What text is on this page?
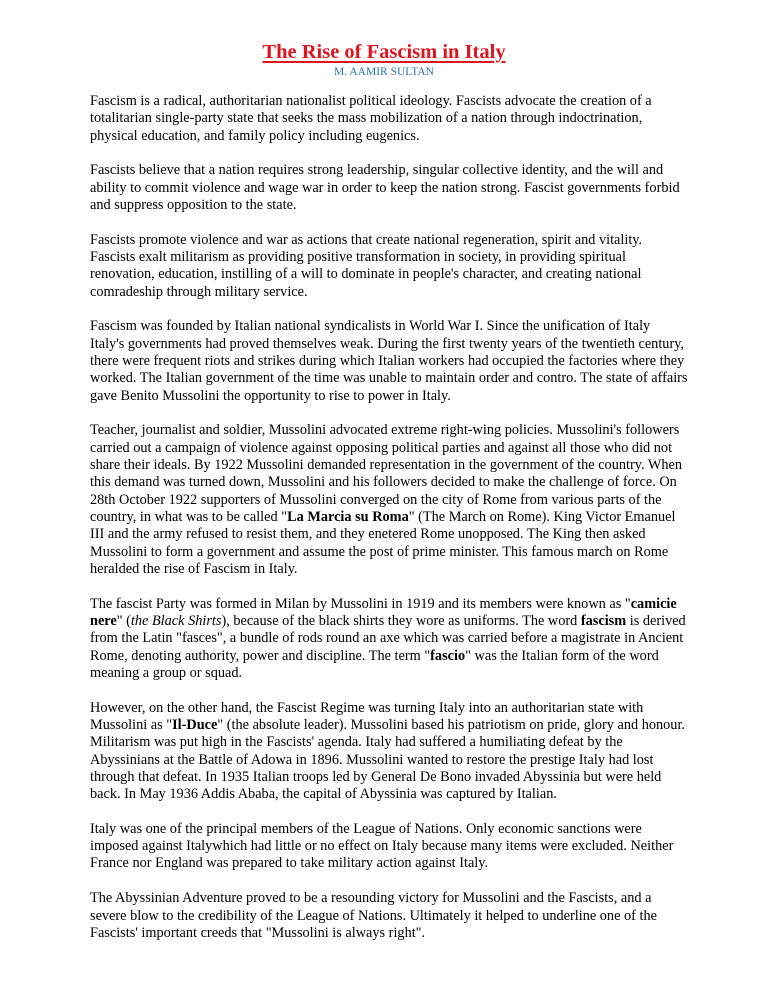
The Rise of Fascism in Italy
M. AAMIR SULTAN

Fascism is a radical, authoritarian nationalist political ideology. Fascists advocate the creation of a
totalitarian single-party state that seeks the mass mobilization of a nation through indoctrination,
physical education, and family policy including eugenics.

Fascists believe that a nation requires strong leadership, singular collective identity, and the will and
ability to commit violence and wage war in order to keep the nation strong. Fascist governments forbid
and suppress opposition to the state.

Fascists promote violence and war as actions that create national regeneration, spirit and vitality.
Fascists exalt militarism as providing positive transformation in society, in providing spiritual
renovation, education, instilling of a will to dominate in people's character, and creating national
comradeship through military service.

Fascism was founded by Italian national syndicalists in World War I. Since the unification of Italy
Italy's governments had proved themselves weak. During the first twenty years of the twentieth century,
there were frequent riots and strikes during which Italian workers had occupied the factories where they
worked. The Italian government of the time was unable to maintain order and contro. The state of affairs
gave Benito Mussolini the opportunity to rise to power in Italy.

Teacher, journalist and soldier, Mussolini advocated extreme right-wing policies. Mussolini's followers
carried out a campaign of violence against opposing political parties and against all those who did not
share their ideals. By 1922 Mussolini demanded representation in the government of the country. When
this demand was turned down, Mussolini and his followers decided to make the challenge of force. On
28th October 1922 supporters of Mussolini converged on the city of Rome from various parts of the
country, in what was to be called "La Marcia su Roma" (The March on Rome). King Victor Emanuel
III and the army refused to resist them, and they enetered Rome unopposed. The King then asked
Mussolini to form a government and assume the post of prime minister. This famous march on Rome
heralded the rise of Fascism in Italy.

The fascist Party was formed in Milan by Mussolini in 1919 and its members were known as "camicie
nere" (the Black Shirts), because of the black shirts they wore as uniforms. The word fascism is derived
from the Latin "fasces", a bundle of rods round an axe which was carried before a magistrate in Ancient
Rome, denoting authority, power and discipline. The term "fascio" was the Italian form of the word
meaning a group or squad.

However, on the other hand, the Fascist Regime was turning Italy into an authoritarian state with
Mussolini as "Il-Duce" (the absolute leader). Mussolini based his patriotism on pride, glory and honour.
Militarism was put high in the Fascists' agenda. Italy had suffered a humiliating defeat by the
Abyssinians at the Battle of Adowa in 1896. Mussolini wanted to restore the prestige Italy had lost
through that defeat. In 1935 Italian troops led by General De Bono invaded Abyssinia but were held
back. In May 1936 Addis Ababa, the capital of Abyssinia was captured by Italian.

Italy was one of the principal members of the League of Nations. Only economic sanctions were
imposed against Italywhich had little or no effect on Italy because many items were excluded. Neither
France nor England was prepared to take military action against Italy.

The Abyssinian Adventure proved to be a resounding victory for Mussolini and the Fascists, and a
severe blow to the credibility of the League of Nations. Ultimately it helped to underline one of the
Fascists' important creeds that "Mussolini is always right".
